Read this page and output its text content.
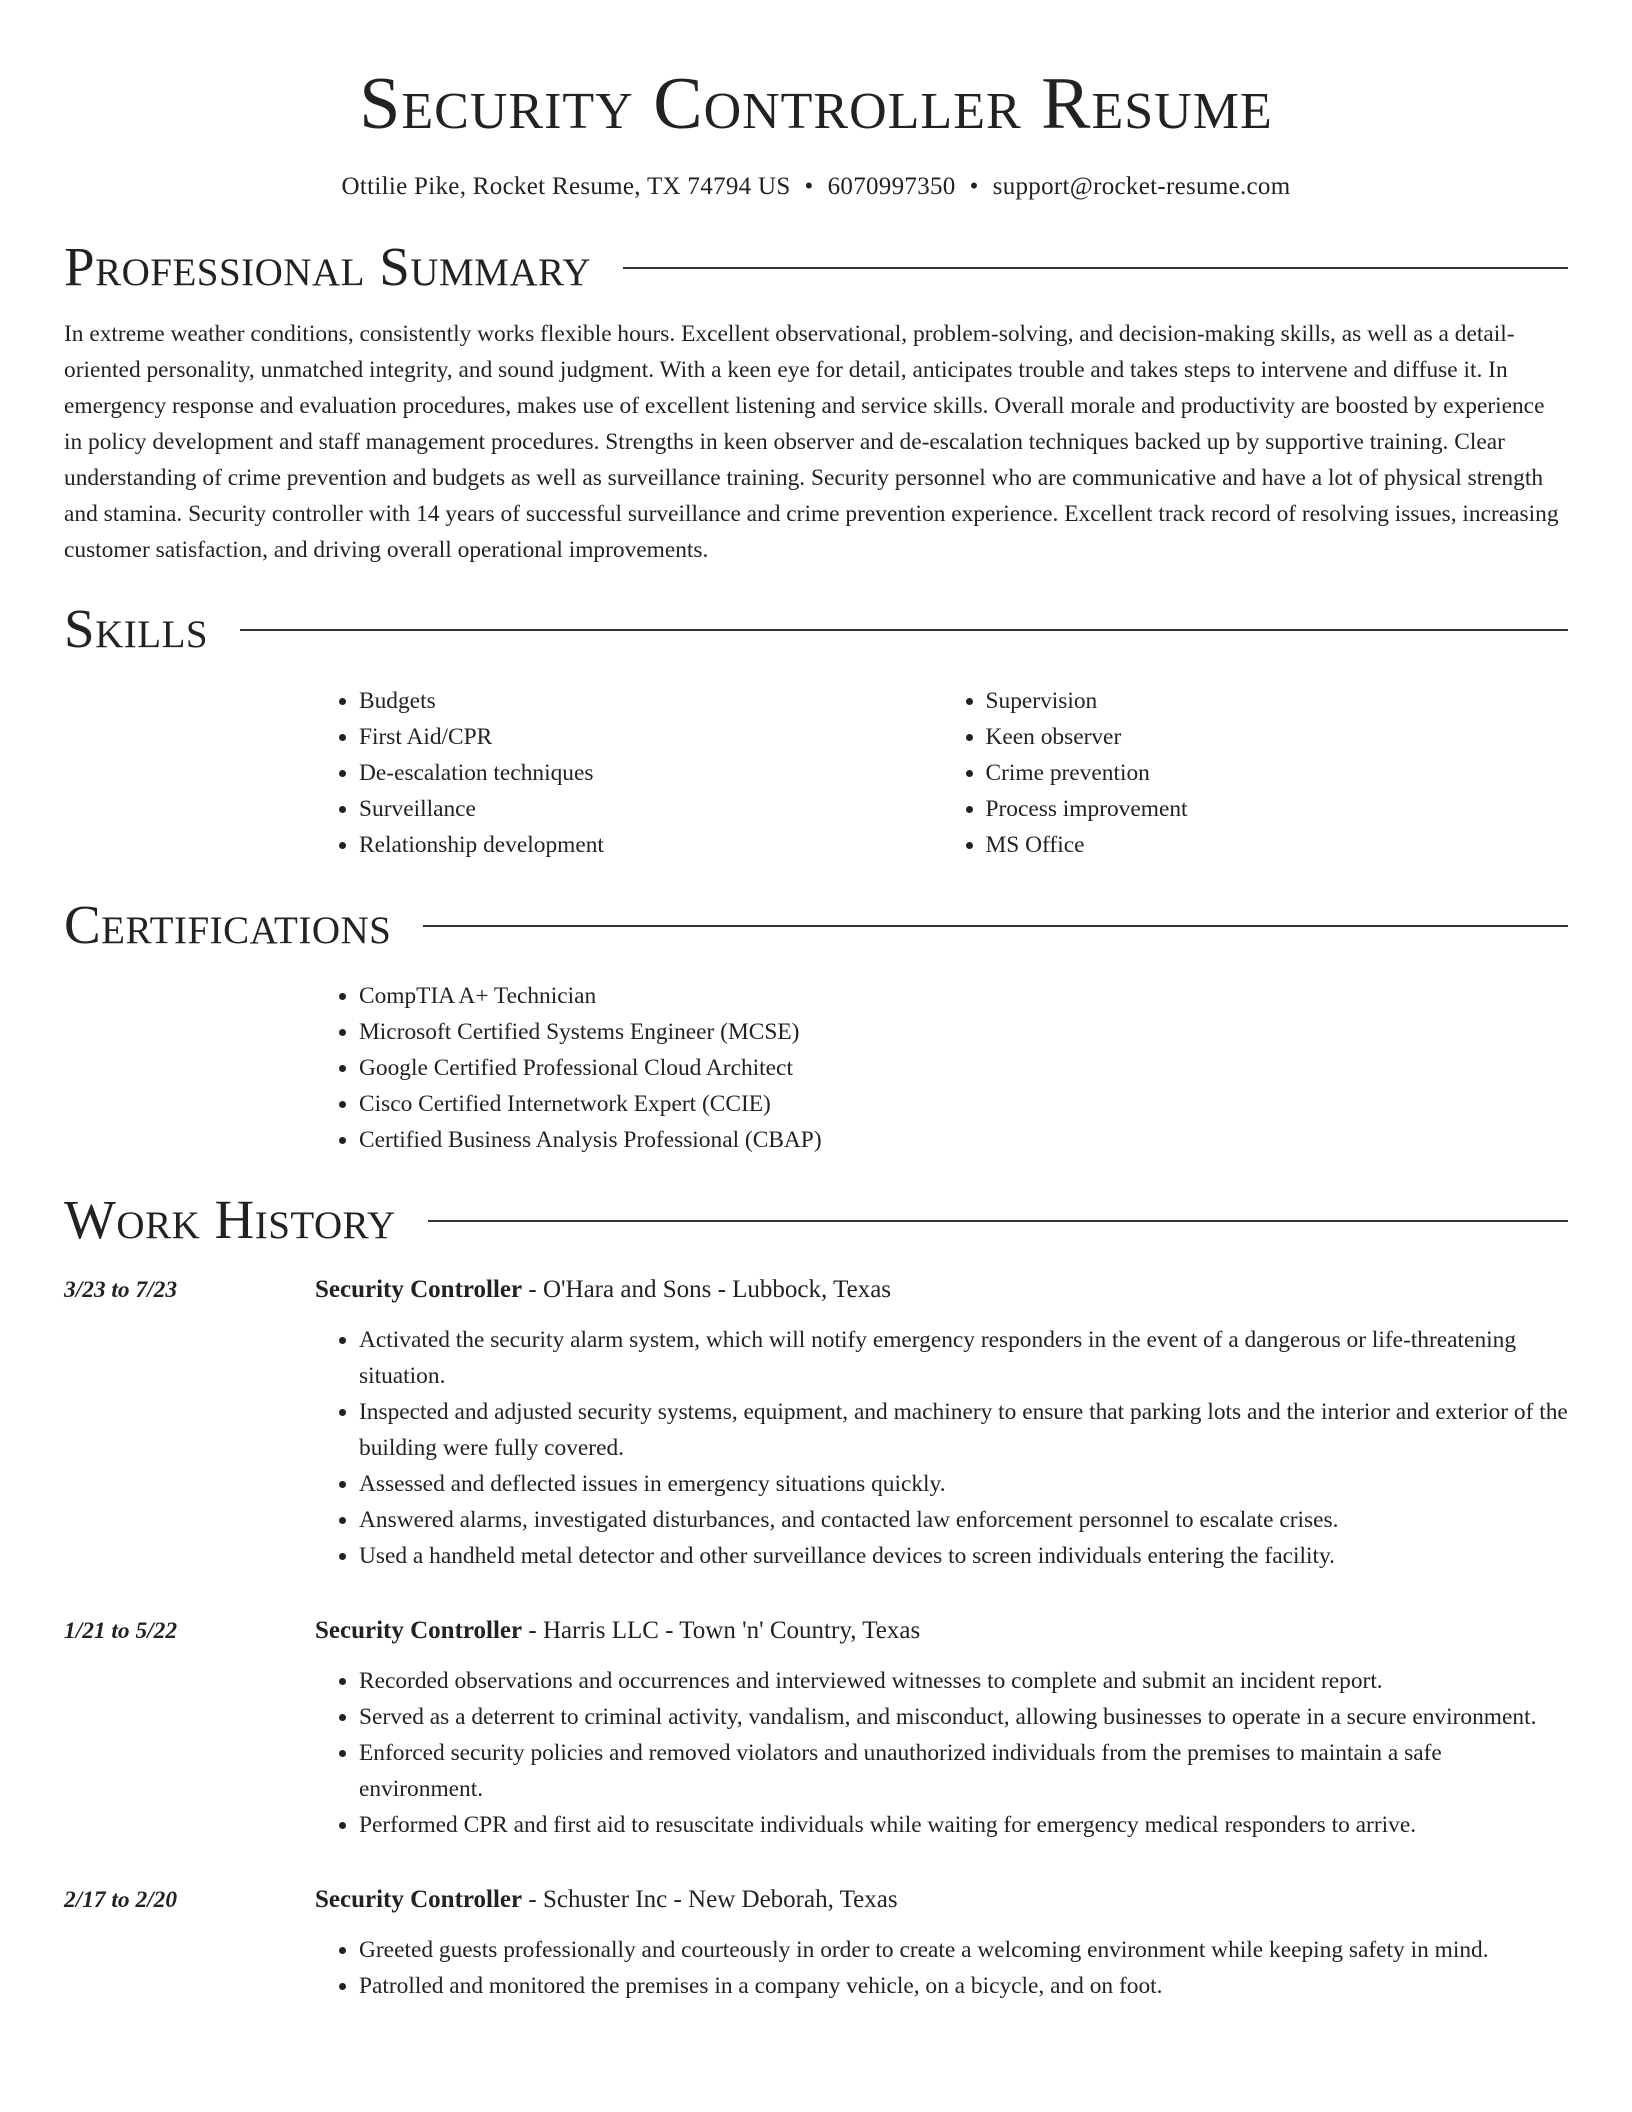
Security Controller Resume
Ottilie Pike, Rocket Resume, TX 74794 US • 6070997350 • support@rocket-resume.com
Professional Summary

In extreme weather conditions, consistently works flexible hours. Excellent observational, problem-solving, and decision-making skills, as well as a detail-oriented personality, unmatched integrity, and sound judgment. With a keen eye for detail, anticipates trouble and takes steps to intervene and diffuse it. In emergency response and evaluation procedures, makes use of excellent listening and service skills. Overall morale and productivity are boosted by experience in policy development and staff management procedures. Strengths in keen observer and de-escalation techniques backed up by supportive training. Clear understanding of crime prevention and budgets as well as surveillance training. Security personnel who are communicative and have a lot of physical strength and stamina. Security controller with 14 years of successful surveillance and crime prevention experience. Excellent track record of resolving issues, increasing customer satisfaction, and driving overall operational improvements.

Skills
• Budgets
• First Aid/CPR
• De-escalation techniques
• Surveillance
• Relationship development
• Supervision
• Keen observer
• Crime prevention
• Process improvement
• MS Office
Certifications
• CompTIA A+ Technician
• Microsoft Certified Systems Engineer (MCSE)
• Google Certified Professional Cloud Architect
• Cisco Certified Internetwork Expert (CCIE)
• Certified Business Analysis Professional (CBAP)
Work History
3/23 to 7/23	Security Controller - O'Hara and Sons - Lubbock, Texas
• Activated the security alarm system, which will notify emergency responders in the event of a dangerous or life-threatening situation.
• Inspected and adjusted security systems, equipment, and machinery to ensure that parking lots and the interior and exterior of the building were fully covered.
• Assessed and deflected issues in emergency situations quickly.
• Answered alarms, investigated disturbances, and contacted law enforcement personnel to escalate crises.
• Used a handheld metal detector and other surveillance devices to screen individuals entering the facility.
1/21 to 5/22	Security Controller - Harris LLC - Town 'n' Country, Texas
• Recorded observations and occurrences and interviewed witnesses to complete and submit an incident report.
• Served as a deterrent to criminal activity, vandalism, and misconduct, allowing businesses to operate in a secure environment.
• Enforced security policies and removed violators and unauthorized individuals from the premises to maintain a safe environment.
• Performed CPR and first aid to resuscitate individuals while waiting for emergency medical responders to arrive.
2/17 to 2/20	Security Controller - Schuster Inc - New Deborah, Texas
• Greeted guests professionally and courteously in order to create a welcoming environment while keeping safety in mind.
• Patrolled and monitored the premises in a company vehicle, on a bicycle, and on foot.
